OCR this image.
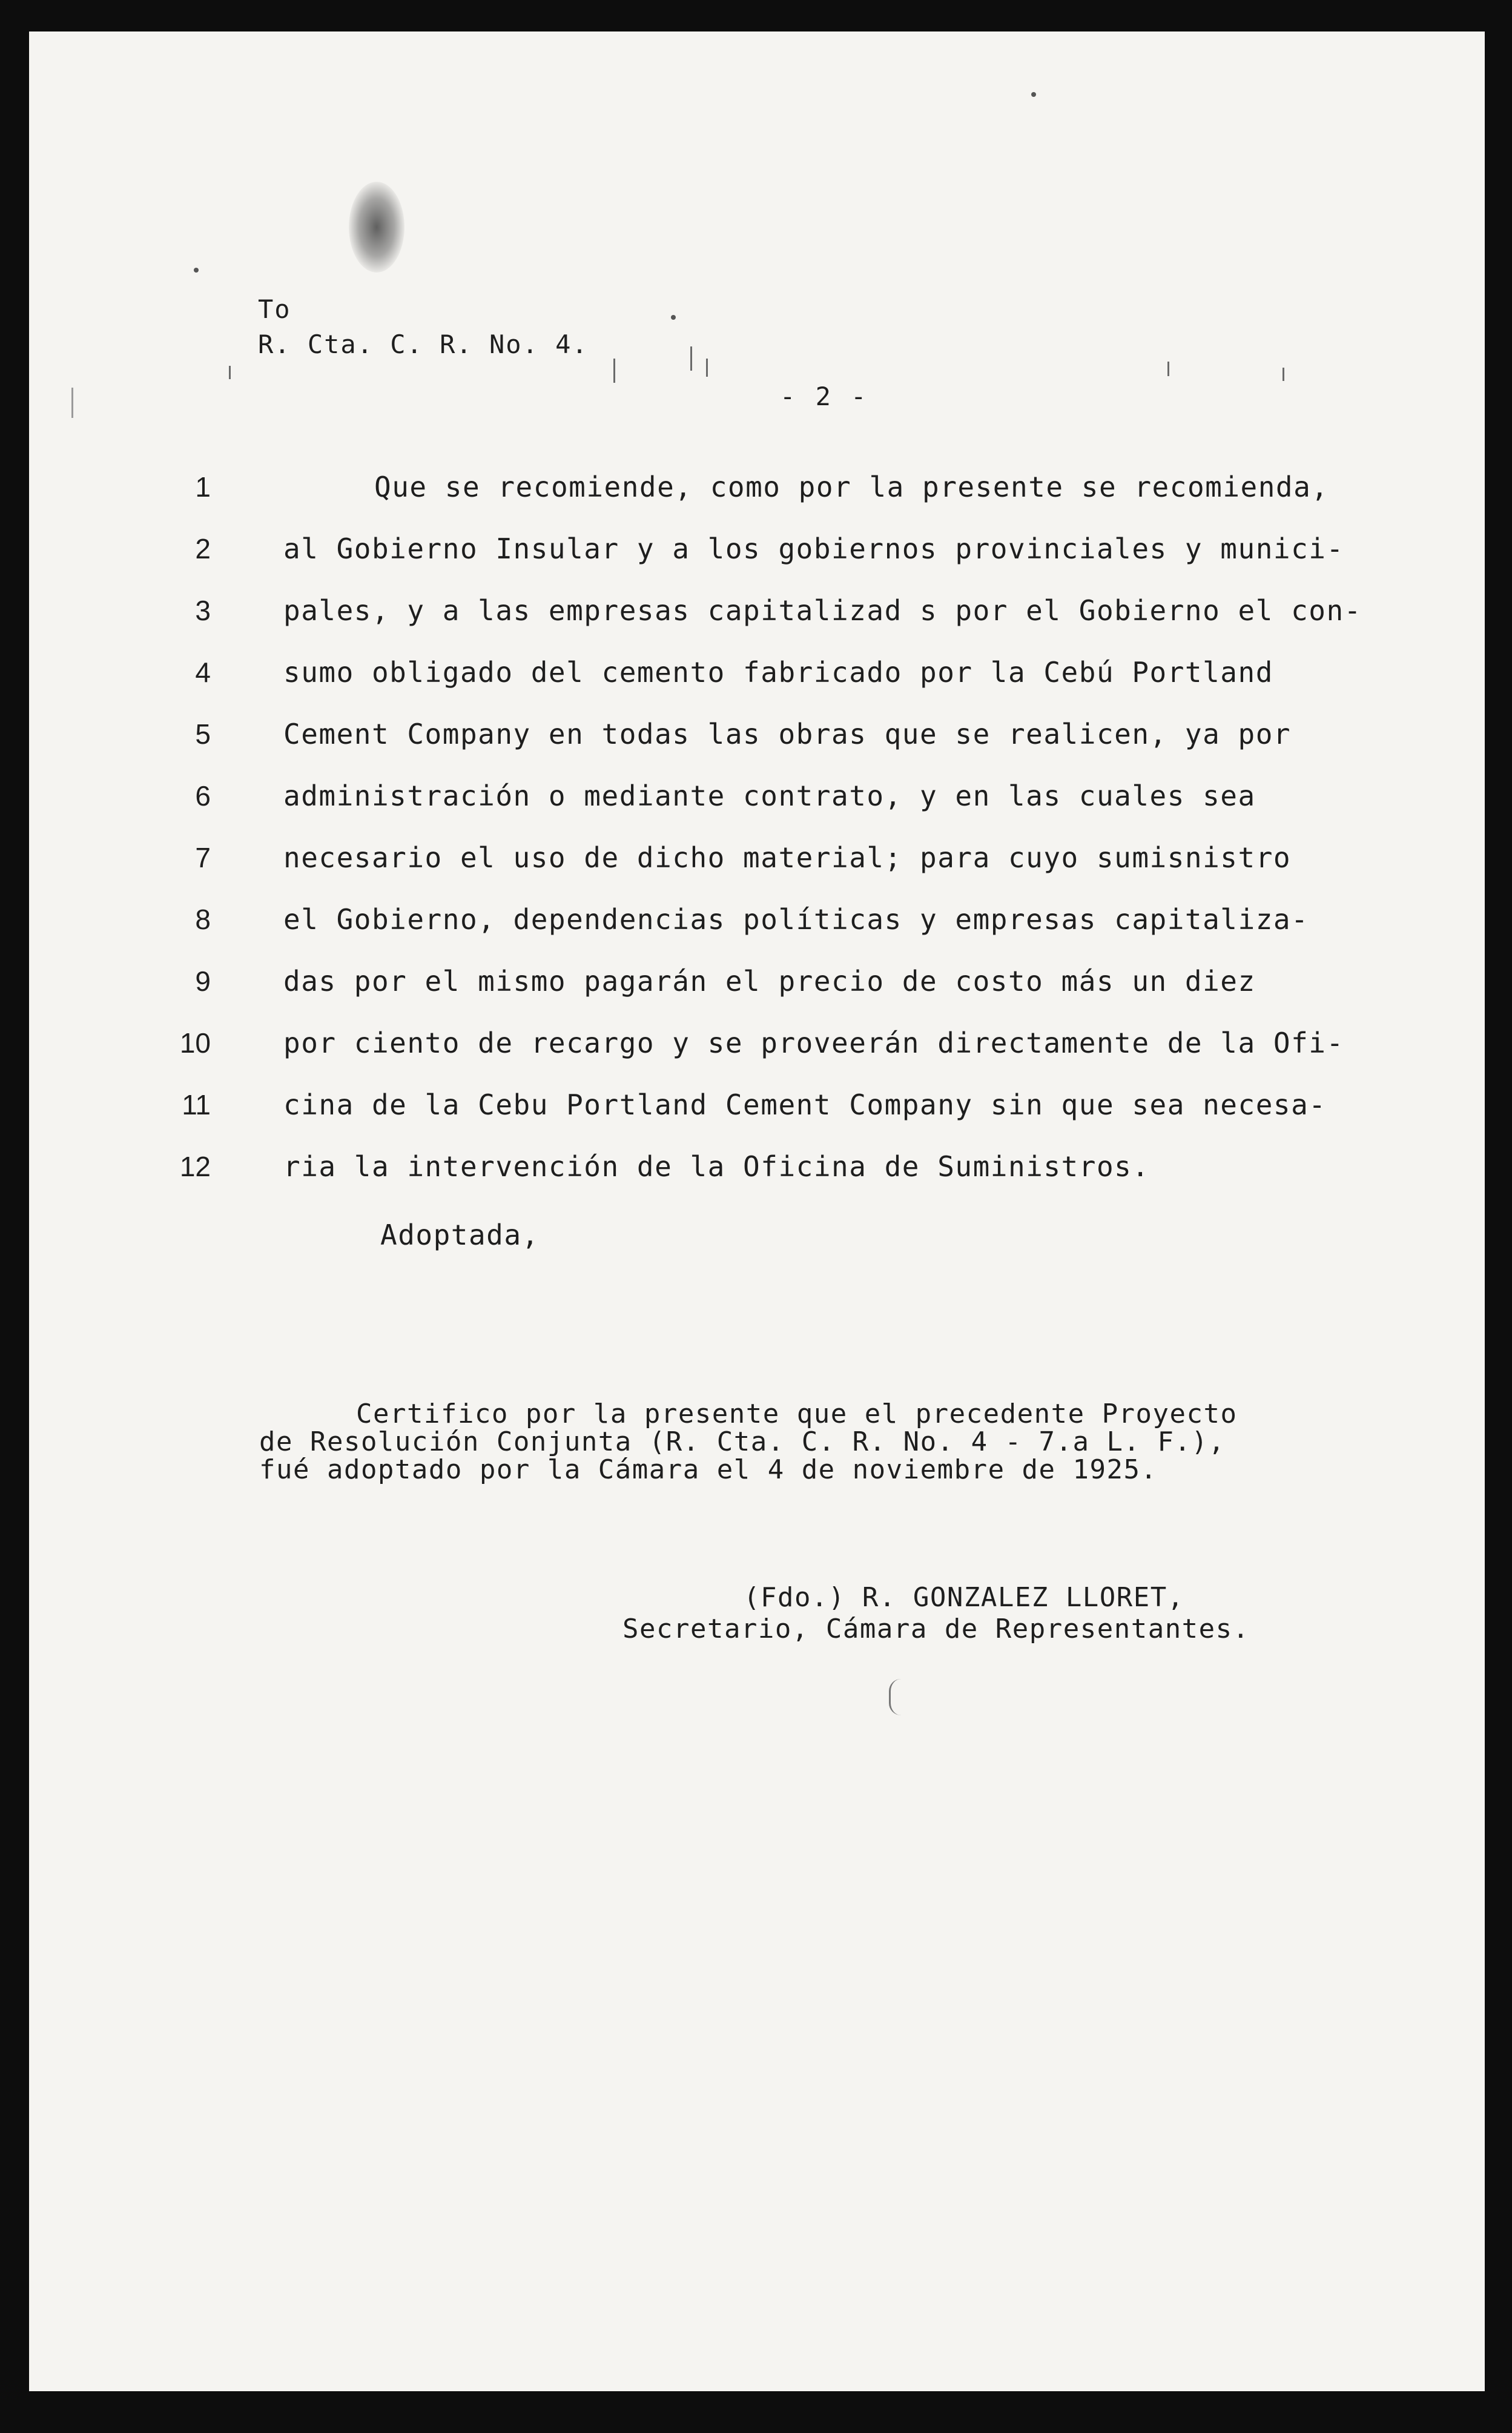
To
R. Cta. C. R. No. 4.
- 2 -
1	Que se recomiende, como por la presente se recomienda,
2	al Gobierno Insular y a los gobiernos provinciales y munici-
3	pales, y a las empresas capitalizad s por el Gobierno el con-
4	sumo obligado del cemento fabricado por la Cebú Portland
5	Cement Company en todas las obras que se realicen, ya por
6	administración o mediante contrato, y en las cuales sea
7	necesario el uso de dicho material; para cuyo sumisnistro
8	el Gobierno, dependencias políticas y empresas capitaliza-
9	das por el mismo pagarán el precio de costo más un diez
10	por ciento de recargo y se proveerán directamente de la Ofi-
11	cina de la Cebu Portland Cement Company sin que sea necesa-
12	ria la intervención de la Oficina de Suministros.
Adoptada,
Certifico por la presente que el precedente Proyecto
de Resolución Conjunta (R. Cta. C. R. No. 4 - 7.a L. F.),
fué adoptado por la Cámara el 4 de noviembre de 1925.
(Fdo.) R. GONZALEZ LLORET,
Secretario, Cámara de Representantes.
